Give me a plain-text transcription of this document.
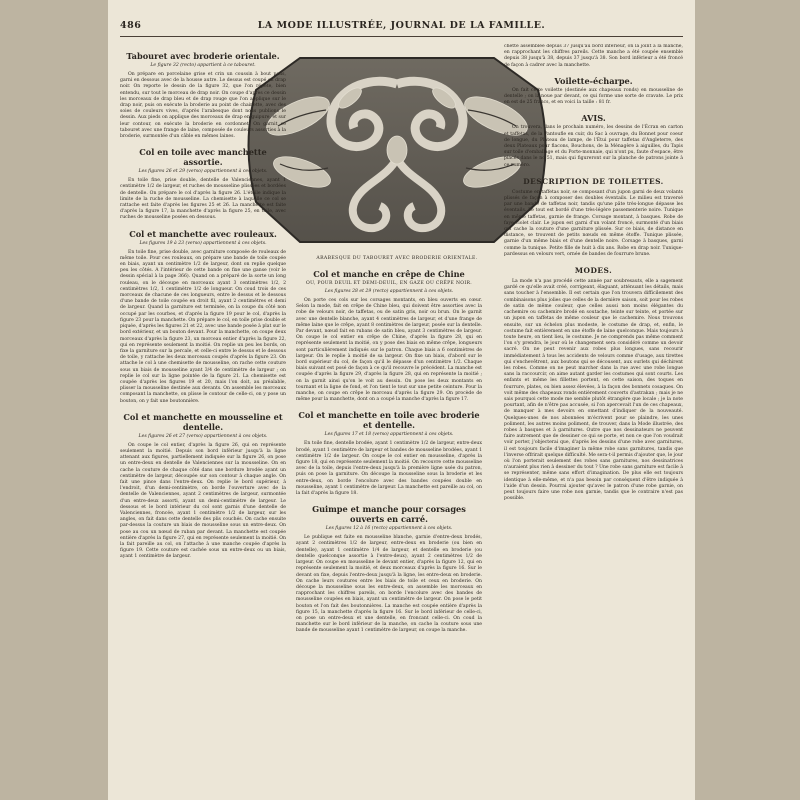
486	LA MODE ILLUSTRÉE, JOURNAL DE LA FAMILLE.
ARABESQUE DU TABOURET AVEC BRODERIE ORIENTALE.
Tabouret avec broderie orientale.
Le figure 32 (recto) appartient à ce tabouret.

On prépare en porcelaine grise et crin un coussin à bout pans, garni en dessous avec de la housse autre. Le dessus est coupé en drap noir. On reporte le dessin de la figure 32, que l'on répète, bien entendu, sur tout le morceau de drap noir. On coupe d'après ce dessin les morceaux de drap bleu et de drap rouge que l'on applique sur le drap noir, puis on exécute la broderie au point de chainette, avec des soies de couleurs vives, d'après l'arabesque dont nous publions le dessin. Aux pieds on applique des morceaux de drap en guipure, et sur leur contour, on exécute la broderie en cordonnet. On garnit ce tabouret avec une frange de laine, composée de couleurs assorties à la broderie, surmontée d'un câble en mêmes laines.

Col en toile avec manchette assortie.
Les figures 26 et 29 (verso) appartiennent à ces objets.

En toile fine, prise double, dentelle de Valenciennes, ayant 1 centimètre 1/2 de largeur, et ruches de mousseline plissées et bordées de dentelle. On prépare le col d'après la figure 26. L'étoile indique la limite de la ruche de mousseline. La chemisette à laquelle ce col se rattache est faite d'après les figures 25 et 26. La manchette est faite d'après la figure 17, la manchette d'après la figure 25, en toile, avec ruches de mousseline posées en dessous.

Col et manchette avec rouleaux.
Les figures 19 à 23 (verso) appartiennent à ces objets.

En toile fine, prise double, avec garniture composée de rouleaux de même toile. Pour ces rouleaux, on prépare une bande de toile coupée en biais, ayant un centimètre 1/2 de largeur, dont on replie quelque peu les côtés. A l'intérieur de cette bande on fixe une ganse (voir le dessin spécial à la page 366). Quand on a préparé de la sorte un long rouleau, on le découpe en morceaux ayant 3 centimètres 1/2, 2 centimètres 1/2, 1 centimètre 1/2 de longueur. On coud trois de ces morceaux de chacune de ces longueurs, entre le dessus et le dessous d'une bande de toile coupée en droit fil, ayant 2 centimètres et demi de largeur. Quand la garniture est terminée, on la coupe du côté non occupé par les courbes, et d'après la figure 19 pour le col, d'après la figure 23 pour la manchette. On prépare le col, en toile prise double et piquée, d'après les figures 21 et 22, avec une bande posée à plat sur le bord extérieur, et un bouton devant. Pour la manchette, on coupe deux morceaux d'après la figure 23, un morceau entier d'après la figure 22, qui en représente seulement la moitié. On replie un peu les bords, on fixe la garniture sur la percale, et celle-ci entre le dessus et le dessous de toile, y rattache les deux morceaux coupés d'après la figure 23. On attache le col à une chemisette de mousseline, on rache cette couture sous un biais de mousseline ayant 3/4 de centimètre de largeur ; on replie le col sur la ligne pointée de la figure 21. La chemisette est coupée d'après les figures 19 et 20, mais l'on doit, au préalable, plisser la mousseline destinée aux devants. On assemble les morceaux composant la manchette, on plisse le contour de celle-ci, on y pose un bouton, on y fait une boutonnière.

Col et manchette en mousseline et dentelle.
Les figures 26 et 27 (verso) appartiennent à ces objets.

On coupe le col entier, d'après la figure 26, qui en représente seulement la moitié. Depuis son bord inférieur jusqu'à la ligne attenant aux figures, partiellement indiquée sur la figure 26, on pose un entre-deux en dentelle de Valenciennes sur la mousseline. On en cache la couture de chaque côté dans une bordure brodée ayant un centimètre de largeur, découpée sur son contour à chaque angle. On fait une pince dans l'entre-deux. On replie le bord supérieur, à l'endroit, d'un demi-centimètre, on borde l'ouverture avec de la dentelle de Valenciennes, ayant 2 centimètres de largeur, surmontée d'un entre-deux assorti, ayant un demi-centimètre de largeur. Le dessous et le bord intérieur du col sont garnis d'une dentelle de Valenciennes, froncée, ayant 1 centimètre 1/2 de largeur, sur les angles, on fait dans cette dentelle des plis couchés. On cache ensuite par-dessus la couture un biais de mousseline sous un entre-deux. On pose au cou un nœud de ruban par devant. La manchette est coupée entière d'après la figure 27, qui en représente seulement la moitié. On la fait pareille au col, on l'attache à une manche coupée d'après la figure 19. Cette couture est cachée sous un entre-deux ou un biais, ayant 1 centimètre de largeur.

Col et manche en crêpe de Chine
OU, POUR DEUIL ET DEMI-DEUIL, EN GAZE OU CRÊPE NOIR.
Les figures 28 et 29 (recto) appartiennent à ces objets.

On porte ces cols sur les corsages montants, en bleu ouverts en cœur. Selon la mode, fait en crêpe de Chine bleu, qui doivent être assorties avec la robe de velours noir, de taffetas, ou de satin gris, noir ou brun. On le garnit avec une dentelle blanche, ayant 4 centimètres de largeur, et d'une frange de même laine que le crêpe, ayant 8 centimètres de largeur, posée sur la dentelle. Par devant, nœud fait en rubans de satin bleu, ayant 3 centimètres de largeur. On coupe le col entier en crêpe de Chine, d'après la figure 28, qui en représente seulement la moitié, on y pose des biais en même crêpe, longueurs sont particulièrement indiqués sur le patron. Chaque biais a 6 centimètres de largeur. On le replie à moitié de sa largeur. On fixe un biais, d'abord sur le bord supérieur du col, de façon qu'il le dépasse d'un centimètre 1/2. Chaque biais suivant est posé de façon à ce qu'il recouvre le précédent. La manche est coupée d'après la figure 29, d'après la figure 28, qui en représente la moitié ; on la garnit ainsi qu'on le voit au dessin. On pose les deux montants en tournant et la ligne de fond, et l'on tient le tout sur une petite ceinture. Pour la manche, on coupe en crêpe le morceau d'après la figure 29. On procède de même pour la manchette, dont on a coupé la manche d'après la figure 17.

Col et manchette en toile avec broderie et dentelle.
Les figures 17 et 18 (verso) appartiennent à ces objets.

En toile fine, dentelle brodée, ayant 1 centimètre 1/2 de largeur, entre-deux brodé, ayant 1 centimètre de largeur et bandes de mousseline brodées, ayant 1 centimètre 1/2 de largeur. On coupe le col entier en mousseline, d'après la figure 18, qui en représente seulement la moitié. On recouvre cette mousseline avec de la toile, depuis l'entre-deux jusqu'à la première ligne usée du patron, puis on pose la garniture. On découpe la mousseline sous la broderie et les entre-deux, on borde l'encolure avec des bandes coupées double en mousseline, ayant 1 centimètre de largeur. La manchette est pareille au col, on la fait d'après la figure 18.

Guimpe et manche pour corsages ouverts en carré.
Les figures 12 à 16 (recto) appartiennent à ces objets.

Le publique est faite en mousseline blanche, garnie d'entre-deux brodés, ayant 2 centimètres 1/2 de largeur, entre-deux en broderie (ou bien en dentelle), ayant 1 centimètre 1/4 de largeur, et dentelle en broderie (ou dentelle quelconque assortie à l'entre-deux), ayant 2 centimètres 1/2 de largeur. On coupe en mousseline le devant entier, d'après la figure 12, qui en représente seulement la moitié, et deux morceaux d'après la figure 16. Sur le devant on fixe, depuis l'entre-deux jusqu'à la ligne, les entre-deux en broderie. On cache leurs coutures entre les biais de toile et ceux en broderie. On découpe la mousseline sous les entre-deux, on assemble les morceaux en rapprochant les chiffres pareils, on borde l'encolure avec des bandes de mousseline coupées en biais, ayant un centimètre de largeur. On pose le petit bouton et l'on fait des boutonnières. La manche est coupée entière d'après la figure 15, la manchette d'après la figure 16. Sur le bord inférieur de celle-ci, on pose un entre-deux et une dentelle, en froncant celle-ci. On coud la manchette sur le bord inférieur de la manche, on cache la couture sous une bande de mousseline ayant 1 centimètre de largeur, on coupe la manche.

chette assemblée depuis 37 jusqu'au bord inférieur, on la joint à la manche, en rapprochant les chiffres pareils. Cette manche a été coupée ensemble depuis 38 jusqu'à 38, depuis 37 jusqu'à 38. Son bord inférieur a été froncé de façon à cadrer avec la manchette.

Voilette-écharpe.

On fait cette voilette (destinée aux chapeaux ronds) en mousseline de dentelle ; on la noue par devant, ce qui forme une sorte de cravate. Le prix en est de 25 francs, et en voici la taille : 81 fr.

AVIS.

On trouvera, dans le prochain numéro, les dessins de l'Écran en carton et taffetas, de la Pantoufle en cuir, du Sac à ouvrage, du Bonnet pour coeur de longue, du Plateau de lampe, de l'Étui pour taffetas d'Angleterre, des deux Plateaux pour flacons, Bouchons, de la Ménagère à aiguilles, du Tapis sur toile d'emballage et du Porte-monnaie, qui n'ont pu, faute d'espace, être placés dans le no 51, mais qui figureront sur la planche de patrons jointe à ce numéro.

DESCRIPTION DE TOILETTES.

Costume en taffetas noir, se composant d'un jupon garni de deux volants plissés de façon à composer des doubles éventails. Le milieu est traversé par une bande de taffetas noir, tandis qu'une pâte très-longue dépasse les éventails. Le tout est bordé d'une très-légère passementerie noire. Tunique en même taffetas, garnie de frange. Corsage montant, à basques. Robe de faye violet clair. Le jupon est garni d'un volant froncé, surmonté d'un biais qui cache la couture d'une garniture plissée. Sur ce biais, de distance en distance, se trouvent de petits nœuds en même étoffe. Tunique plissée, garnie d'un même biais et d'une dentelle noire. Corsage à basques, garni comme la tunique. Petite fille de huit à dix ans. Robe en drap noir. Tunique-pardessus en velours vert, ornée de bandes de fourrure brune.

MODES.

La mode n'a pas procédé cette année par soubresauts, elle a sagement gardé ce qu'elle avait créé, corrigeant, élaguant, atténuant les détails, mais sans toucher à l'ensemble. Il est certain que l'on trouvera difficilement des combinaisons plus jolies que celles de la dernière saison, soit pour les robes de satin de même couleur, que celles aussi non moins élégantes du cachemire ou cachemire brodé en soutache, teinte sur teinte, et portée sur un jupon en taffetas de même couleur que le cachemire. Nous trouvons ensuite, sur un échelon plus modeste, le costume de drap, et, enfin, le costume fait entièrement en une étoffe de laine quelconque. Mais toujours à toute heure, on tient lieu, le costume. Je ne comprends pas même comment l'on s'y prendra, le jour où le changement sera considéré comme un devoir sacré. On ne peut revenir aux robes plus longues, sans recourir immédiatement à tous les accidents de velours comme d'usage, aux tirettes qui s'enchevêtrent, aux boutons qui se décousent, aux ourlets qui déchirent les robes. Comme on ne peut marcher dans la rue avec une robe longue sans la raccourcir, on aime autant garder les costumes qui sont courts. Les enfants et même les fillettes portent, en cette saison, des toques en fourrure, plates, ou bien assez élevées, à la façon des bonnets cosaques. On voit même des chapeaux ronds entièrement couverts d'astrakan ; mais je ne sais pourquoi cette mode me semble plutôt étrangère que locale ; je la note pourtant, afin de n'être pas accusée, si l'on apercevait l'un de ces chapeaux, de manquer à mes devoirs en omettant d'indiquer de la nouveauté. Quelques-unes de nos abonnées m'écrivent pour se plaindre, les unes poliment, les autres moins poliment, de trouver, dans la Mode illustrée, des robes à basques et à garnitures. Outre que nos dessinateurs ne peuvent faire autrement que de dessiner ce qui se porte, et non ce que l'on voudrait voir porter, j'objecterai que, d'après les dessins d'une robe avec garnitures, il est toujours facile d'imaginer la même robe sans garnitures, tandis que l'inverse offrirait quelque difficulté. Me sera-t-il permis d'ajouter que, le jour où l'on porterait seulement des robes sans garnitures, nos dessinatrices n'auraient plus rien à dessiner du tout ? Une robe sans garniture est facile à se représenter, même sans effort d'imagination. De plus elle est toujours identique à elle-même, et n'a pas besoin par conséquent d'être indiquée à l'aide d'un dessin. Pourrai ajouter qu'avec le patron d'une robe garnie, on peut toujours faire une robe non garnie, tandis que le contraire n'est pas possible.
